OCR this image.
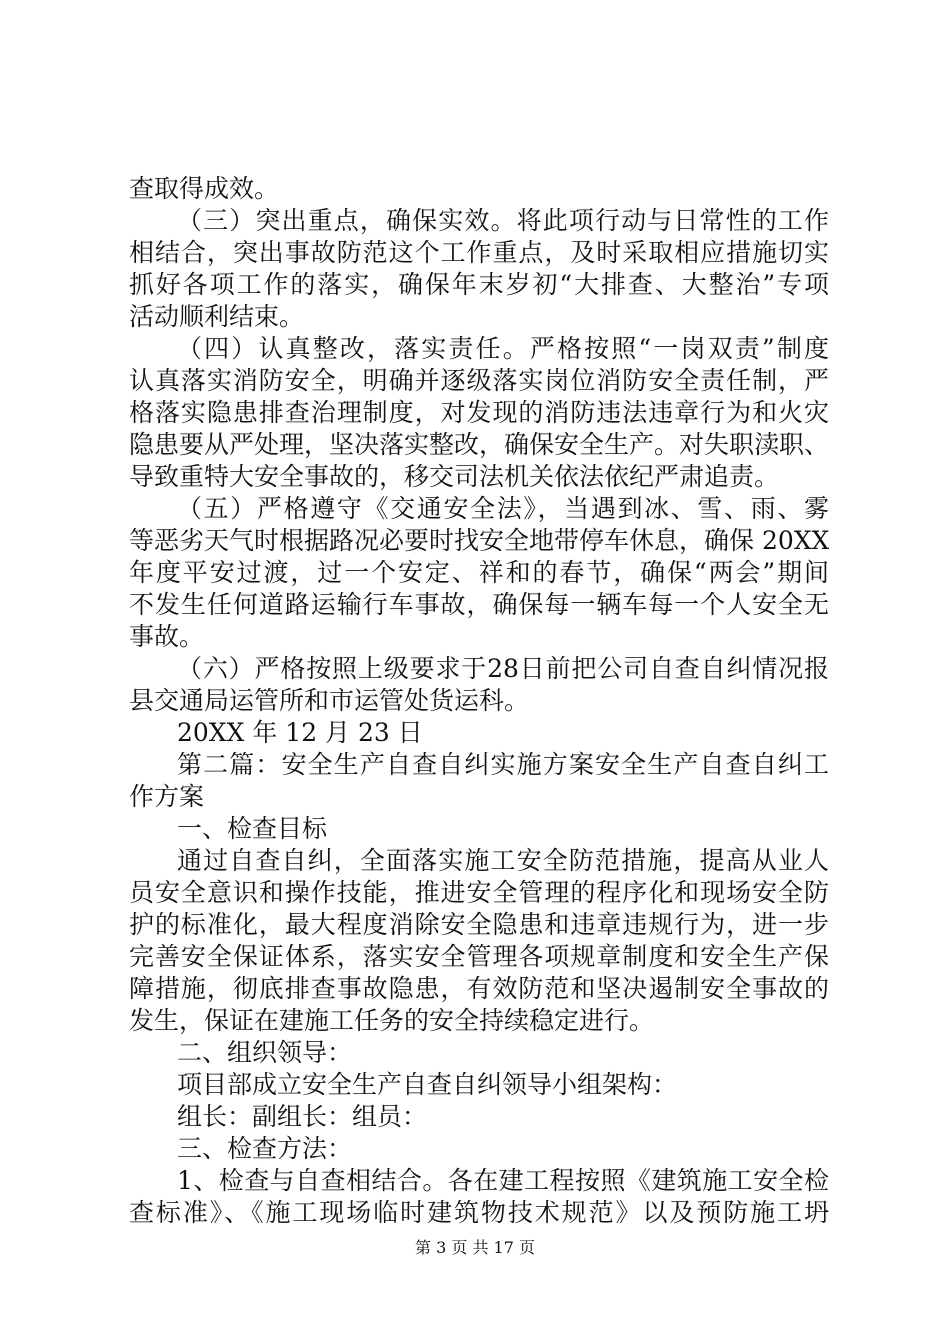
查取得成效。
（三）突出重点，确保实效。将此项行动与日常性的工作
相结合，突出事故防范这个工作重点，及时采取相应措施切实
抓好各项工作的落实，确保年末岁初“大排查、大整治”专项
活动顺利结束。
（四）认真整改，落实责任。严格按照“一岗双责”制度
认真落实消防安全，明确并逐级落实岗位消防安全责任制，严
格落实隐患排查治理制度，对发现的消防违法违章行为和火灾
隐患要从严处理，坚决落实整改，确保安全生产。对失职渎职、
导致重特大安全事故的，移交司法机关依法依纪严肃追责。
（五）严格遵守《交通安全法》，当遇到冰、雪、雨、雾
等恶劣天气时根据路况必要时找安全地带停车休息，确保 20XX
年度平安过渡，过一个安定、祥和的春节，确保“两会”期间
不发生任何道路运输行车事故，确保每一辆车每一个人安全无
事故。
（六）严格按照上级要求于28日前把公司自查自纠情况报
县交通局运管所和市运管处货运科。
20XX 年 12 月 23 日
第二篇：安全生产自查自纠实施方案安全生产自查自纠工
作方案
一、检查目标
通过自查自纠，全面落实施工安全防范措施，提高从业人
员安全意识和操作技能，推进安全管理的程序化和现场安全防
护的标准化，最大程度消除安全隐患和违章违规行为，进一步
完善安全保证体系，落实安全管理各项规章制度和安全生产保
障措施，彻底排查事故隐患，有效防范和坚决遏制安全事故的
发生，保证在建施工任务的安全持续稳定进行。
二、组织领导：
项目部成立安全生产自查自纠领导小组架构：
组长：副组长：组员：
三、检查方法：
1、检查与自查相结合。各在建工程按照《建筑施工安全检
查标准》、《施工现场临时建筑物技术规范》以及预防施工坍
第 3 页 共 17 页
